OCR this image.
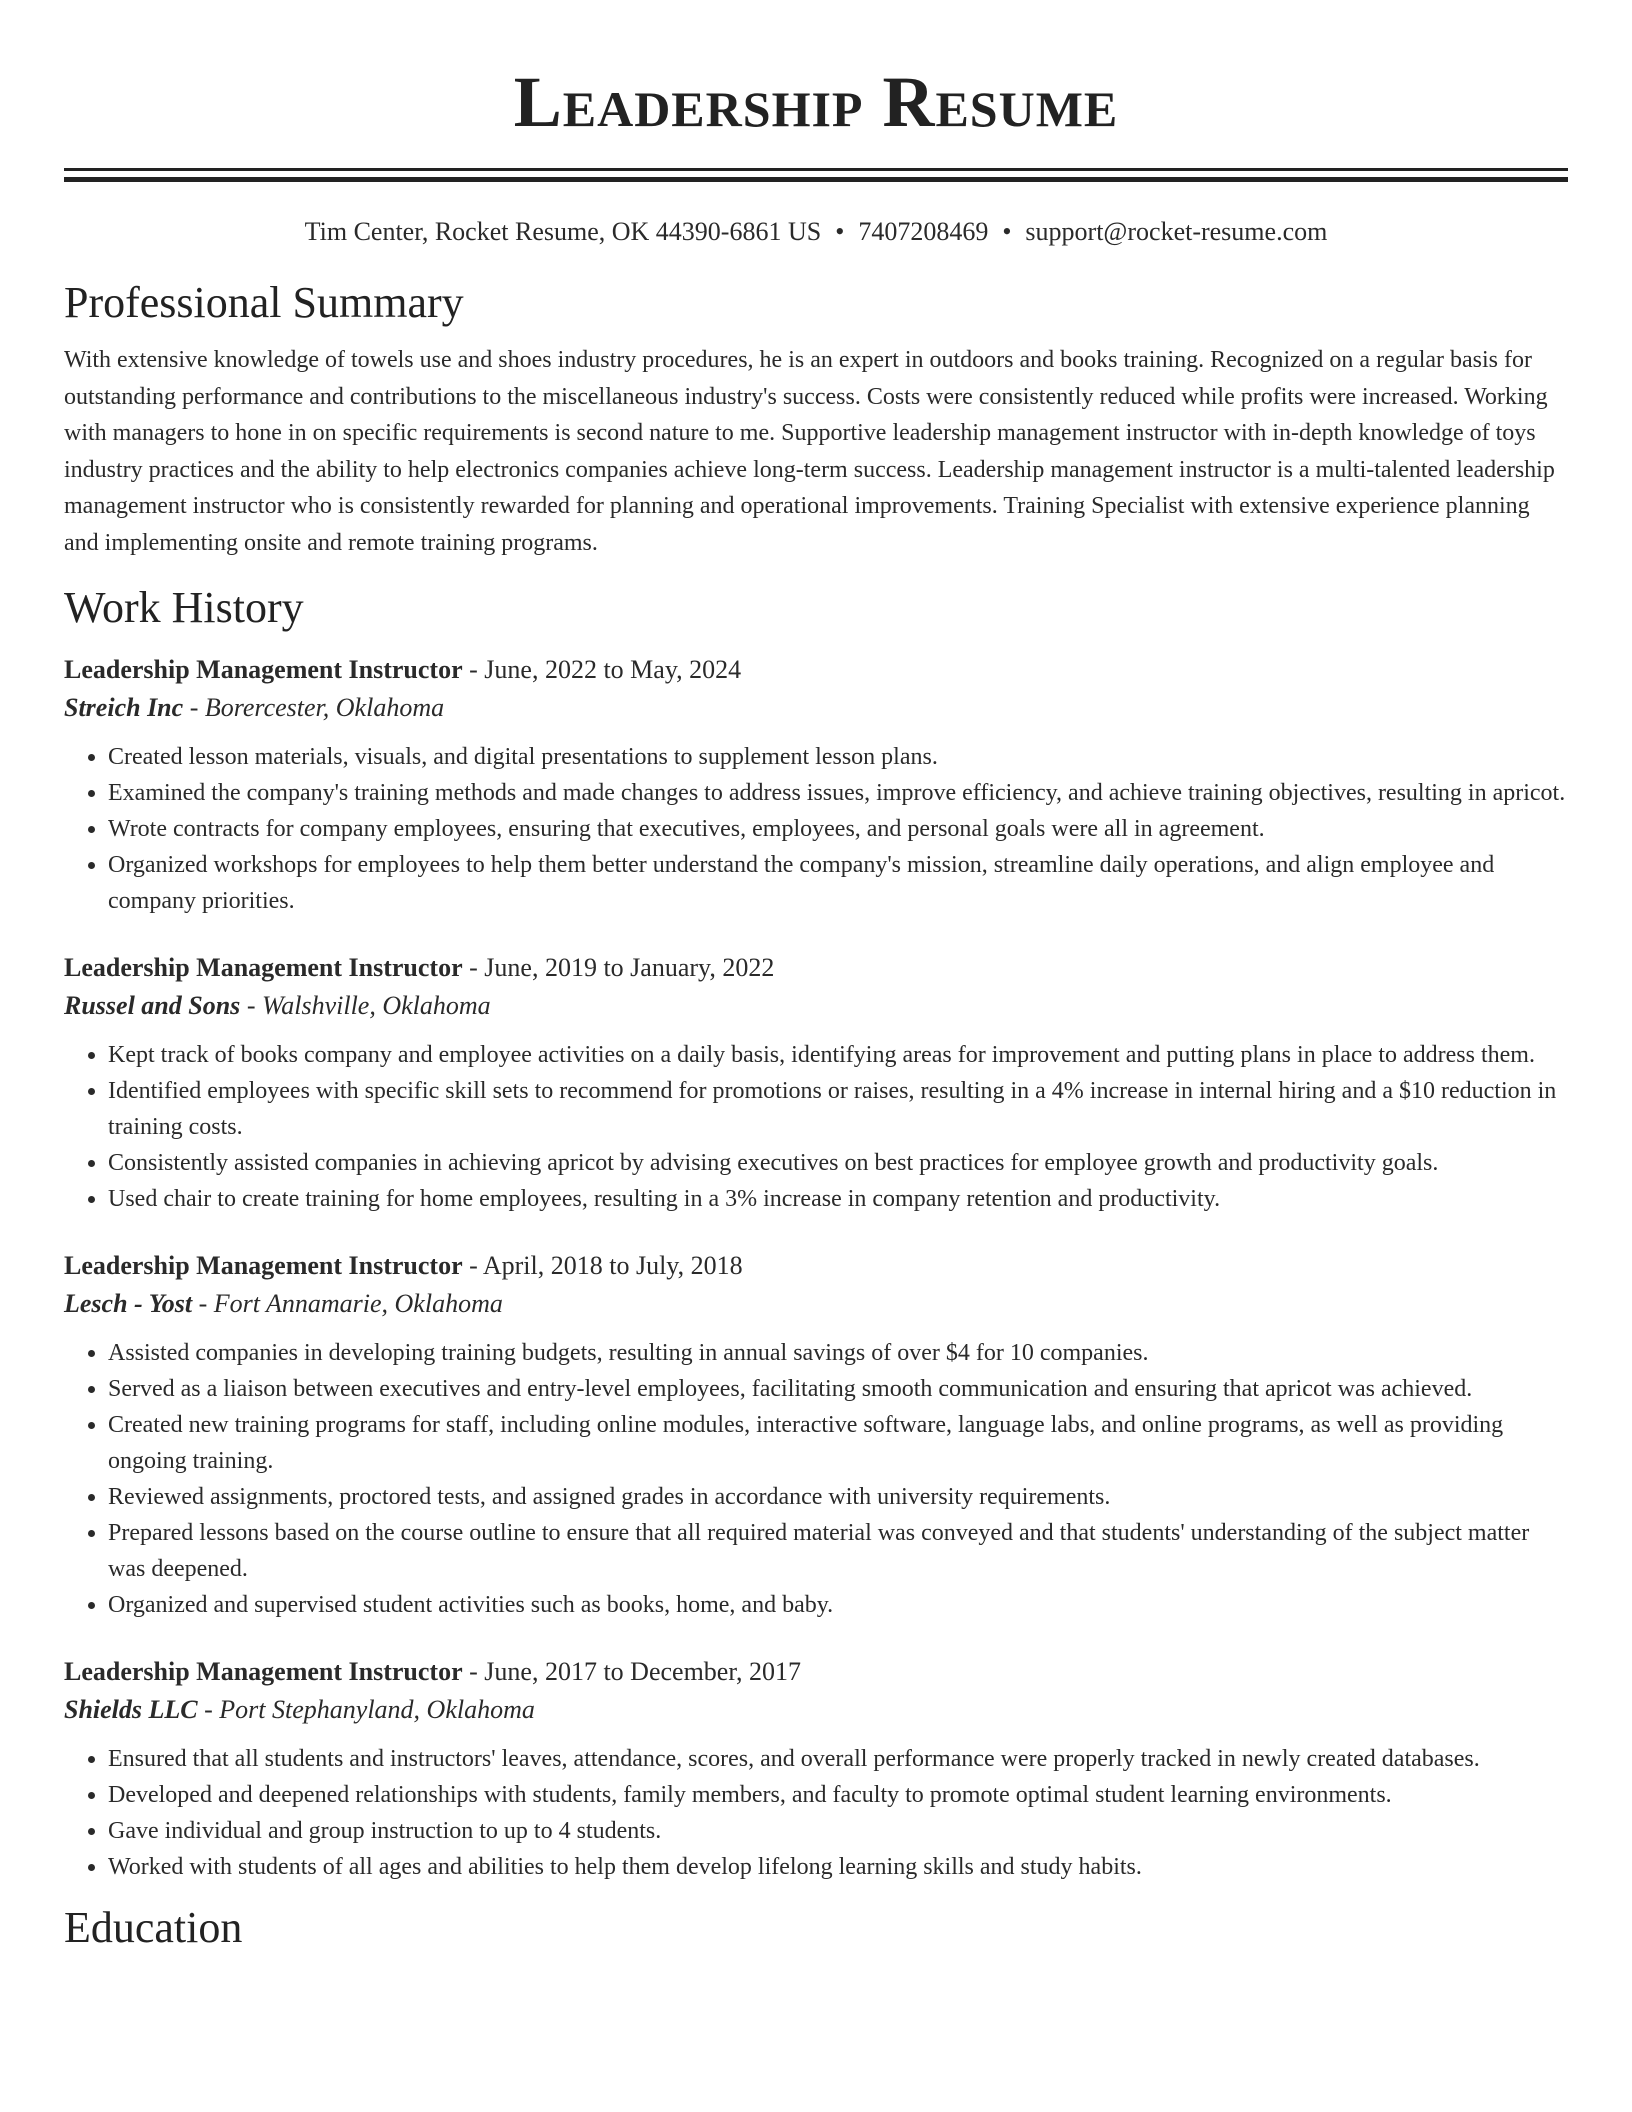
Leadership Resume
Tim Center, Rocket Resume, OK 44390-6861 US • 7407208469 • support@rocket-resume.com
Professional Summary

With extensive knowledge of towels use and shoes industry procedures, he is an expert in outdoors and books training. Recognized on a regular basis for outstanding performance and contributions to the miscellaneous industry's success. Costs were consistently reduced while profits were increased. Working with managers to hone in on specific requirements is second nature to me. Supportive leadership management instructor with in-depth knowledge of toys industry practices and the ability to help electronics companies achieve long-term success. Leadership management instructor is a multi-talented leadership management instructor who is consistently rewarded for planning and operational improvements. Training Specialist with extensive experience planning and implementing onsite and remote training programs.

Work History
Leadership Management Instructor - June, 2022 to May, 2024
Streich Inc - Borercester, Oklahoma
• Created lesson materials, visuals, and digital presentations to supplement lesson plans.
• Examined the company's training methods and made changes to address issues, improve efficiency, and achieve training objectives, resulting in apricot.
• Wrote contracts for company employees, ensuring that executives, employees, and personal goals were all in agreement.
• Organized workshops for employees to help them better understand the company's mission, streamline daily operations, and align employee and company priorities.
Leadership Management Instructor - June, 2019 to January, 2022
Russel and Sons - Walshville, Oklahoma
• Kept track of books company and employee activities on a daily basis, identifying areas for improvement and putting plans in place to address them.
• Identified employees with specific skill sets to recommend for promotions or raises, resulting in a 4% increase in internal hiring and a $10 reduction in training costs.
• Consistently assisted companies in achieving apricot by advising executives on best practices for employee growth and productivity goals.
• Used chair to create training for home employees, resulting in a 3% increase in company retention and productivity.
Leadership Management Instructor - April, 2018 to July, 2018
Lesch - Yost - Fort Annamarie, Oklahoma
• Assisted companies in developing training budgets, resulting in annual savings of over $4 for 10 companies.
• Served as a liaison between executives and entry-level employees, facilitating smooth communication and ensuring that apricot was achieved.
• Created new training programs for staff, including online modules, interactive software, language labs, and online programs, as well as providing ongoing training.
• Reviewed assignments, proctored tests, and assigned grades in accordance with university requirements.
• Prepared lessons based on the course outline to ensure that all required material was conveyed and that students' understanding of the subject matter was deepened.
• Organized and supervised student activities such as books, home, and baby.
Leadership Management Instructor - June, 2017 to December, 2017
Shields LLC - Port Stephanyland, Oklahoma
• Ensured that all students and instructors' leaves, attendance, scores, and overall performance were properly tracked in newly created databases.
• Developed and deepened relationships with students, family members, and faculty to promote optimal student learning environments.
• Gave individual and group instruction to up to 4 students.
• Worked with students of all ages and abilities to help them develop lifelong learning skills and study habits.
Education
